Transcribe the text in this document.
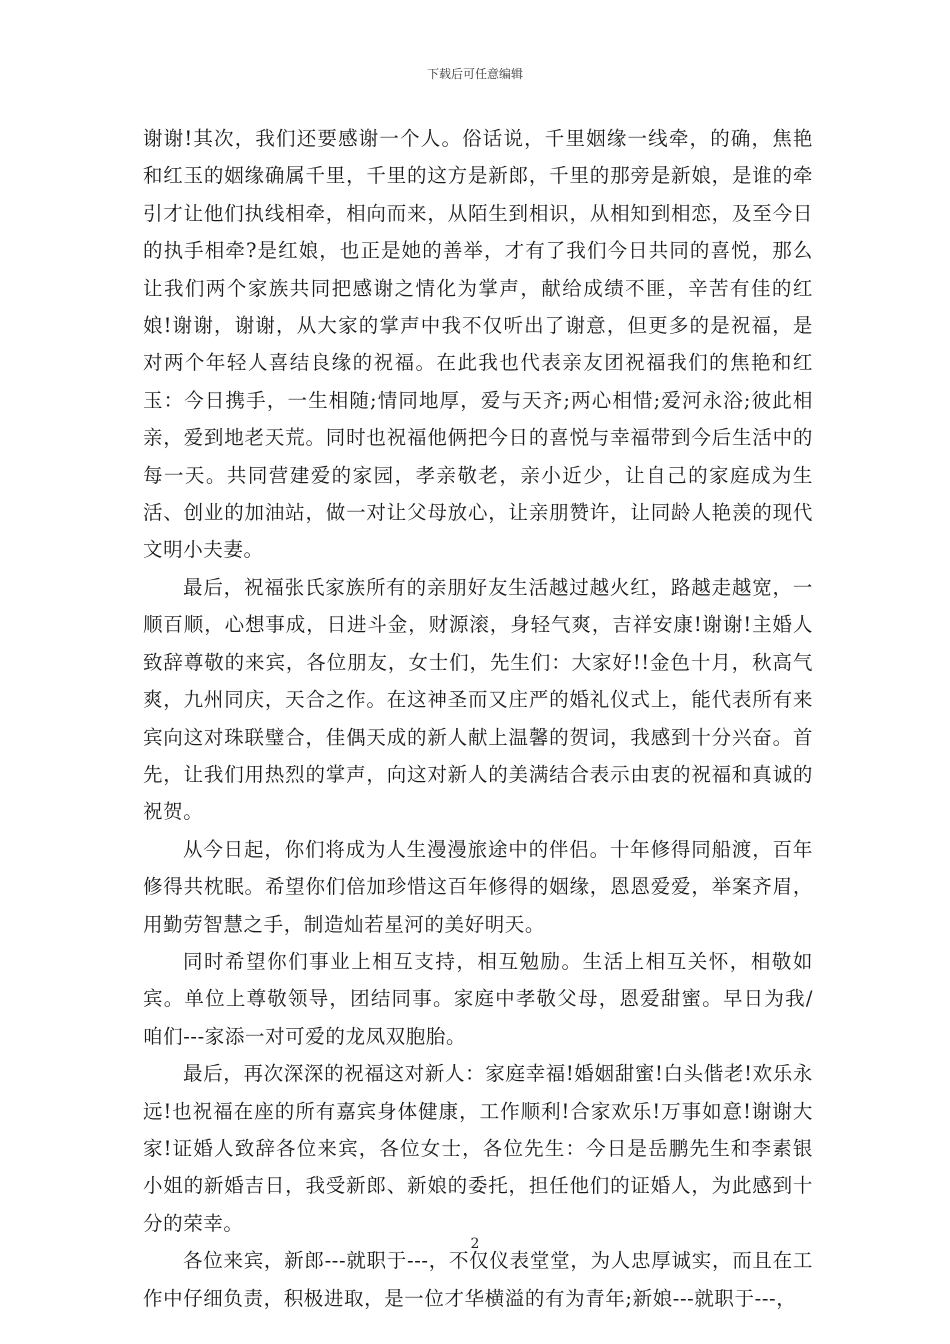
下载后可任意编辑

谢谢!其次，我们还要感谢一个人。俗话说，千里姻缘一线牵，的确，焦艳和红玉的姻缘确属千里，千里的这方是新郎，千里的那旁是新娘，是谁的牵引才让他们执线相牵，相向而来，从陌生到相识，从相知到相恋，及至今日的执手相牵?是红娘，也正是她的善举，才有了我们今日共同的喜悦，那么让我们两个家族共同把感谢之情化为掌声，献给成绩不匪，辛苦有佳的红娘!谢谢，谢谢，从大家的掌声中我不仅听出了谢意，但更多的是祝福，是对两个年轻人喜结良缘的祝福。在此我也代表亲友团祝福我们的焦艳和红玉：今日携手，一生相随;情同地厚，爱与天齐;两心相惜;爱河永浴;彼此相亲，爱到地老天荒。同时也祝福他俩把今日的喜悦与幸福带到今后生活中的每一天。共同营建爱的家园，孝亲敬老，亲小近少，让自己的家庭成为生活、创业的加油站，做一对让父母放心，让亲朋赞许，让同龄人艳羡的现代文明小夫妻。

最后，祝福张氏家族所有的亲朋好友生活越过越火红，路越走越宽，一顺百顺，心想事成，日进斗金，财源滚，身轻气爽，吉祥安康!谢谢!主婚人致辞尊敬的来宾，各位朋友，女士们，先生们：大家好!!金色十月，秋高气爽，九州同庆，天合之作。在这神圣而又庄严的婚礼仪式上，能代表所有来宾向这对珠联璧合，佳偶天成的新人献上温馨的贺词，我感到十分兴奋。首先，让我们用热烈的掌声，向这对新人的美满结合表示由衷的祝福和真诚的祝贺。

从今日起，你们将成为人生漫漫旅途中的伴侣。十年修得同船渡，百年修得共枕眠。希望你们倍加珍惜这百年修得的姻缘，恩恩爱爱，举案齐眉，用勤劳智慧之手，制造灿若星河的美好明天。

同时希望你们事业上相互支持，相互勉励。生活上相互关怀，相敬如宾。单位上尊敬领导，团结同事。家庭中孝敬父母，恩爱甜蜜。早日为我/咱们---家添一对可爱的龙凤双胞胎。

最后，再次深深的祝福这对新人：家庭幸福!婚姻甜蜜!白头偕老!欢乐永远!也祝福在座的所有嘉宾身体健康，工作顺利!合家欢乐!万事如意!谢谢大家!证婚人致辞各位来宾，各位女士，各位先生：今日是岳鹏先生和李素银小姐的新婚吉日，我受新郎、新娘的委托，担任他们的证婚人，为此感到十分的荣幸。

各位来宾，新郎---就职于---，不仅仪表堂堂，为人忠厚诚实，而且在工作中仔细负责，积极进取，是一位才华横溢的有为青年;新娘---就职于---，

2
